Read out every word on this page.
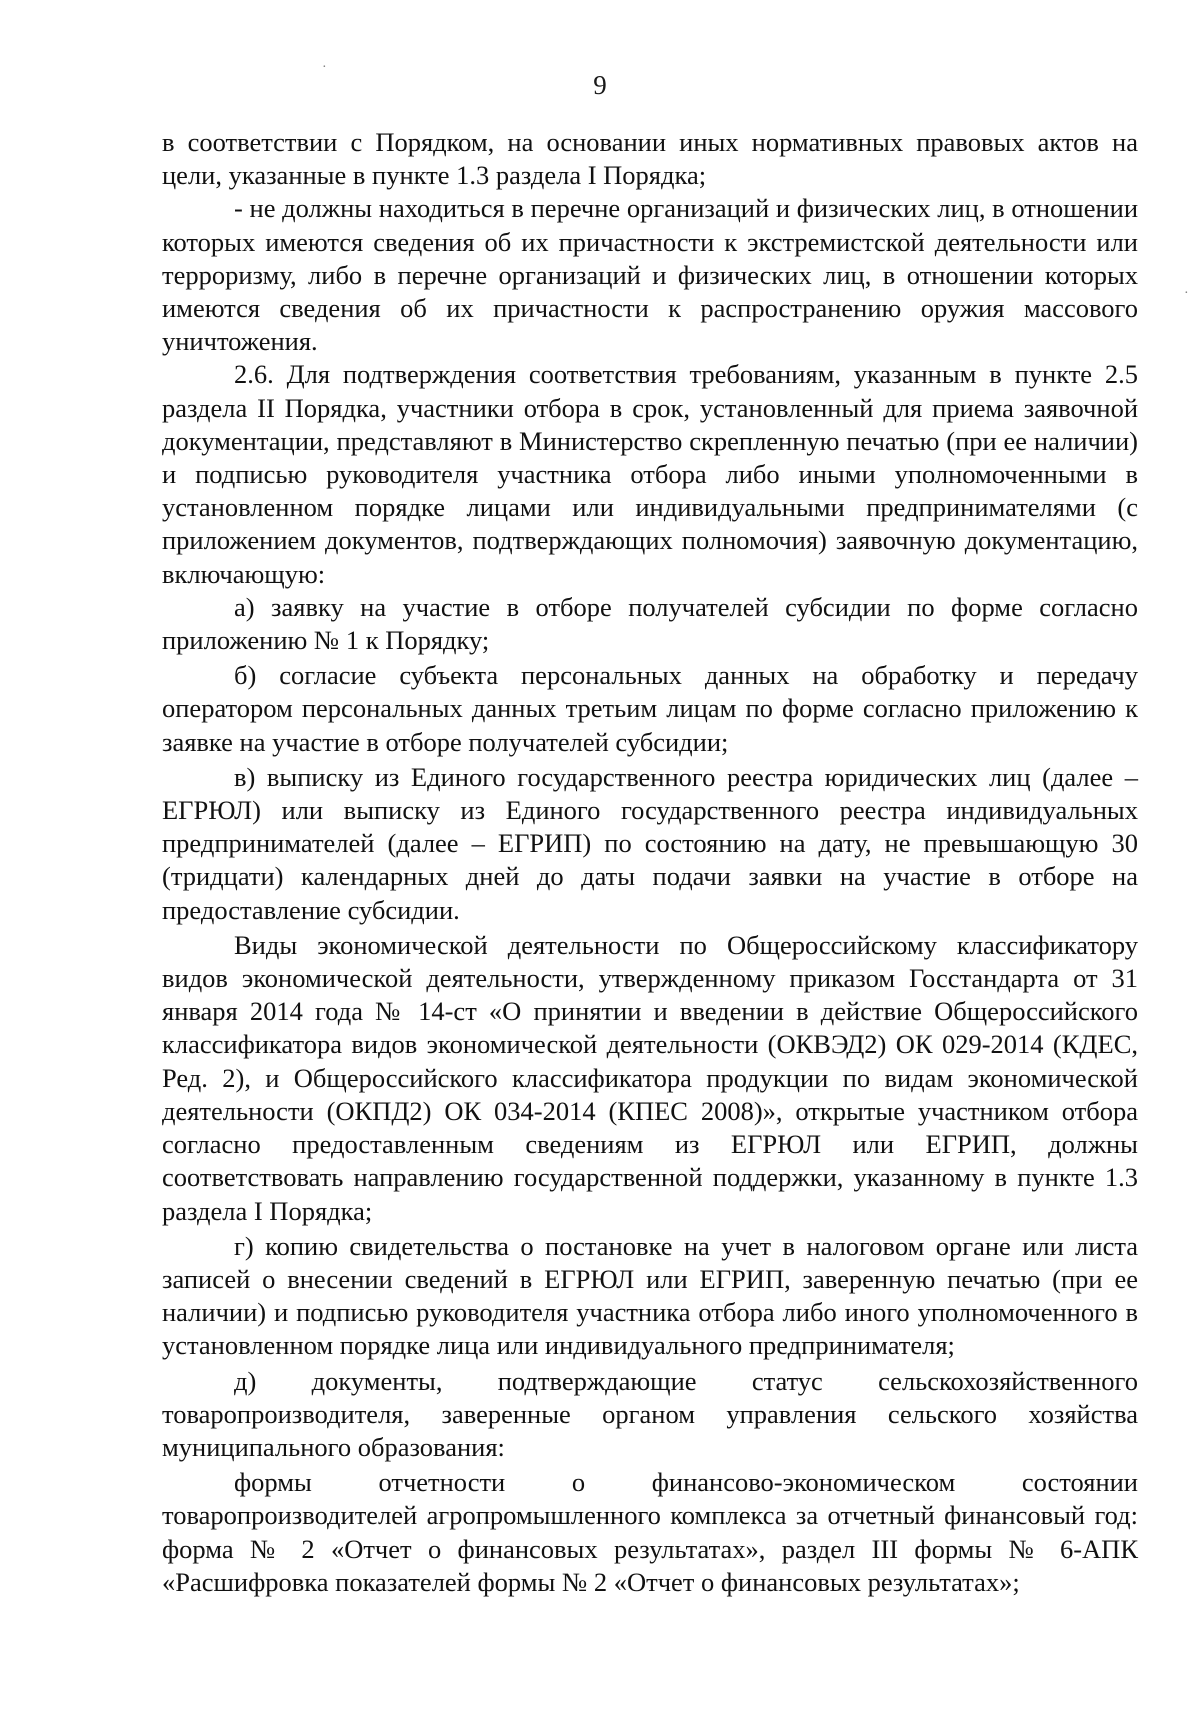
9

в соответствии с Порядком, на основании иных нормативных правовых актов на цели, указанные в пункте 1.3 раздела I Порядка;

- не должны находиться в перечне организаций и физических лиц, в отношении которых имеются сведения об их причастности к экстремистской деятельности или терроризму, либо в перечне организаций и физических лиц, в отношении которых имеются сведения об их причастности к распространению оружия массового уничтожения.

2.6. Для подтверждения соответствия требованиям, указанным в пункте 2.5 раздела II Порядка, участники отбора в срок, установленный для приема заявочной документации, представляют в Министерство скрепленную печатью (при ее наличии) и подписью руководителя участника отбора либо иными уполномоченными в установленном порядке лицами или индивидуальными предпринимателями (с приложением документов, подтверждающих полномочия) заявочную документацию, включающую:

а) заявку на участие в отборе получателей субсидии по форме согласно приложению № 1 к Порядку;

б) согласие субъекта персональных данных на обработку и передачу оператором персональных данных третьим лицам по форме согласно приложению к заявке на участие в отборе получателей субсидии;

в) выписку из Единого государственного реестра юридических лиц (далее – ЕГРЮЛ) или выписку из Единого государственного реестра индивидуальных предпринимателей (далее – ЕГРИП) по состоянию на дату, не превышающую 30 (тридцати) календарных дней до даты подачи заявки на участие в отборе на предоставление субсидии.

Виды экономической деятельности по Общероссийскому классификатору видов экономической деятельности, утвержденному приказом Госстандарта от 31 января 2014 года № 14-ст «О принятии и введении в действие Общероссийского классификатора видов экономической деятельности (ОКВЭД2) ОК 029-2014 (КДЕС, Ред. 2), и Общероссийского классификатора продукции по видам экономической деятельности (ОКПД2) ОК 034-2014 (КПЕС 2008)», открытые участником отбора согласно предоставленным сведениям из ЕГРЮЛ или ЕГРИП, должны соответствовать направлению государственной поддержки, указанному в пункте 1.3 раздела I Порядка;

г) копию свидетельства о постановке на учет в налоговом органе или листа записей о внесении сведений в ЕГРЮЛ или ЕГРИП, заверенную печатью (при ее наличии) и подписью руководителя участника отбора либо иного уполномоченного в установленном порядке лица или индивидуального предпринимателя;

д) документы, подтверждающие статус сельскохозяйственного товаропроизводителя, заверенные органом управления сельского хозяйства муниципального образования:

формы отчетности о финансово-экономическом состоянии товаропроизводителей агропромышленного комплекса за отчетный финансовый год: форма № 2 «Отчет о финансовых результатах», раздел III формы № 6-АПК «Расшифровка показателей формы № 2 «Отчет о финансовых результатах»;

·
·
